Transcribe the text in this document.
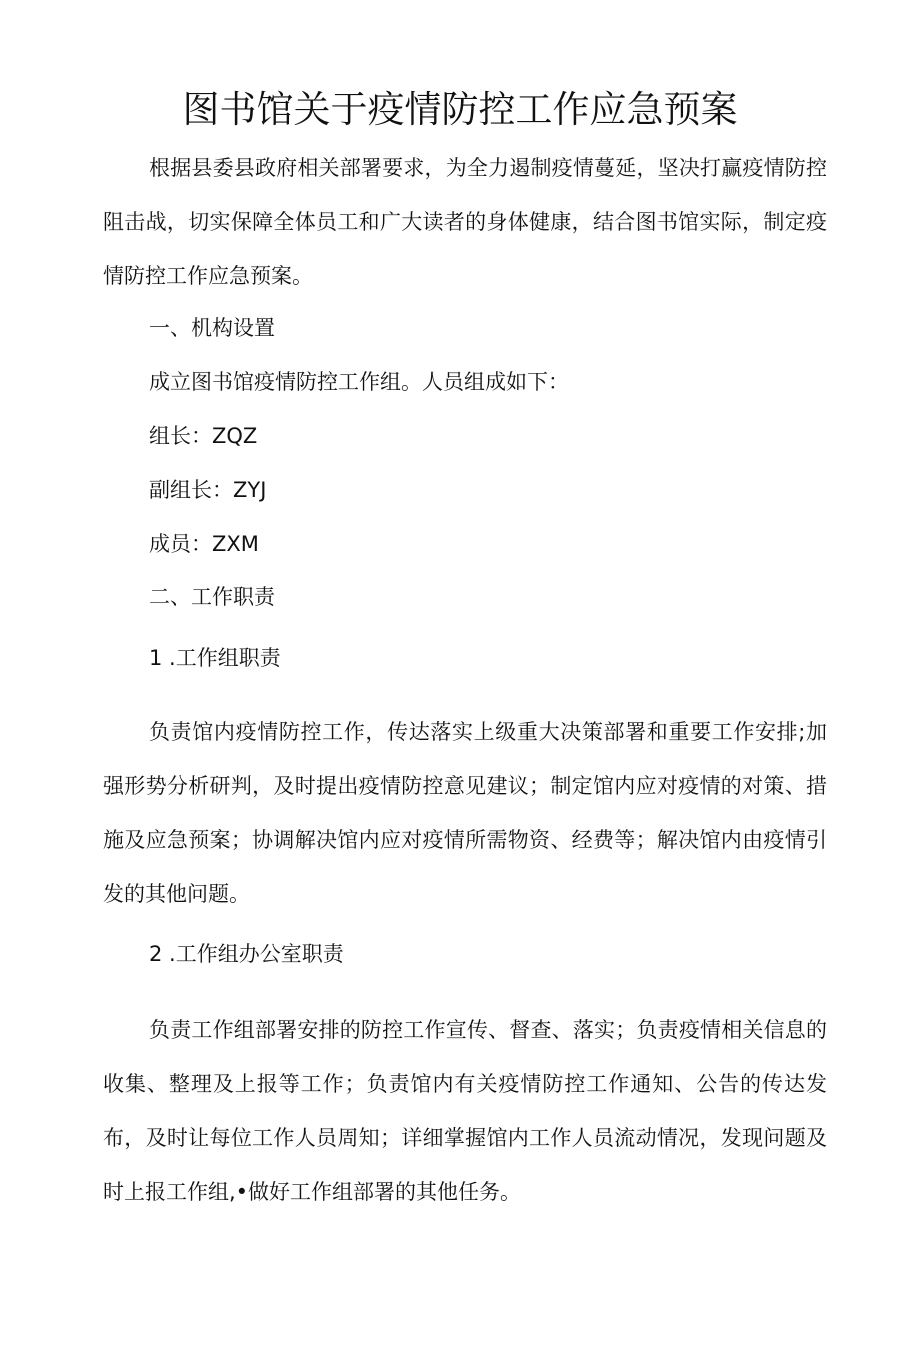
图书馆关于疫情防控工作应急预案

根据县委县政府相关部署要求，为全力遏制疫情蔓延，坚决打赢疫情防控阻击战，切实保障全体员工和广大读者的身体健康，结合图书馆实际，制定疫情防控工作应急预案。

一、机构设置

成立图书馆疫情防控工作组。人员组成如下：

组长：ZQZ

副组长：ZYJ

成员：ZXM

二、工作职责

1 .工作组职责

负责馆内疫情防控工作，传达落实上级重大决策部署和重要工作安排;加强形势分析研判，及时提出疫情防控意见建议；制定馆内应对疫情的对策、措施及应急预案；协调解决馆内应对疫情所需物资、经费等；解决馆内由疫情引发的其他问题。

2 .工作组办公室职责

负责工作组部署安排的防控工作宣传、督查、落实；负责疫情相关信息的收集、整理及上报等工作；负责馆内有关疫情防控工作通知、公告的传达发布，及时让每位工作人员周知；详细掌握馆内工作人员流动情况，发现问题及时上报工作组,•做好工作组部署的其他任务。
